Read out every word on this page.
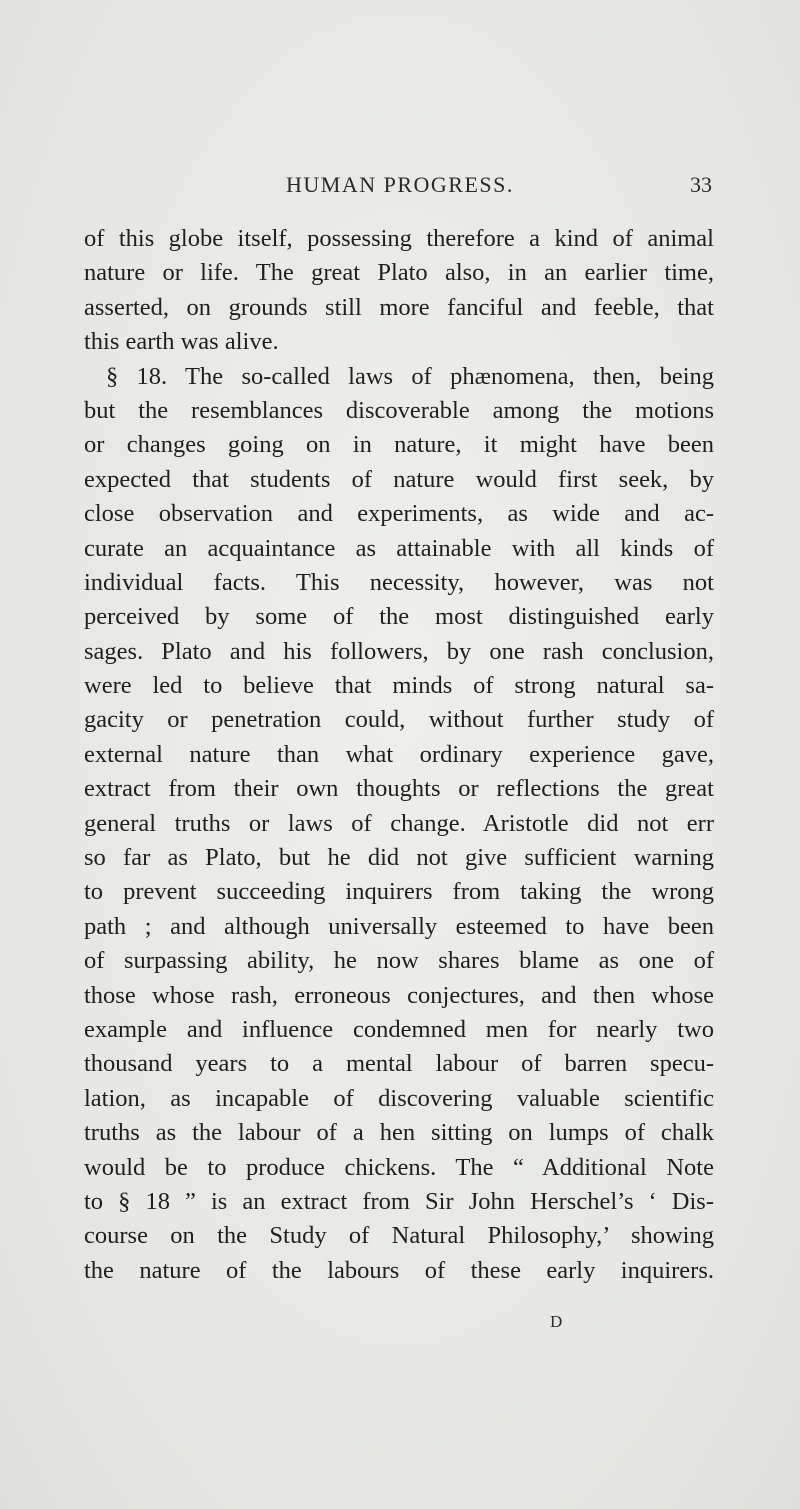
HUMAN PROGRESS.	33
of this globe itself, possessing therefore a kind of animal
nature or life. The great Plato also, in an earlier time,
asserted, on grounds still more fanciful and feeble, that
this earth was alive.
§ 18. The so-called laws of phænomena, then, being
but the resemblances discoverable among the motions
or changes going on in nature, it might have been
expected that students of nature would first seek, by
close observation and experiments, as wide and ac-
curate an acquaintance as attainable with all kinds of
individual facts. This necessity, however, was not
perceived by some of the most distinguished early
sages. Plato and his followers, by one rash conclusion,
were led to believe that minds of strong natural sa-
gacity or penetration could, without further study of
external nature than what ordinary experience gave,
extract from their own thoughts or reflections the great
general truths or laws of change. Aristotle did not err
so far as Plato, but he did not give sufficient warning
to prevent succeeding inquirers from taking the wrong
path ; and although universally esteemed to have been
of surpassing ability, he now shares blame as one of
those whose rash, erroneous conjectures, and then whose
example and influence condemned men for nearly two
thousand years to a mental labour of barren specu-
lation, as incapable of discovering valuable scientific
truths as the labour of a hen sitting on lumps of chalk
would be to produce chickens. The “ Additional Note
to § 18 ” is an extract from Sir John Herschel’s ‘ Dis-
course on the Study of Natural Philosophy,’ showing
the nature of the labours of these early inquirers.
D
